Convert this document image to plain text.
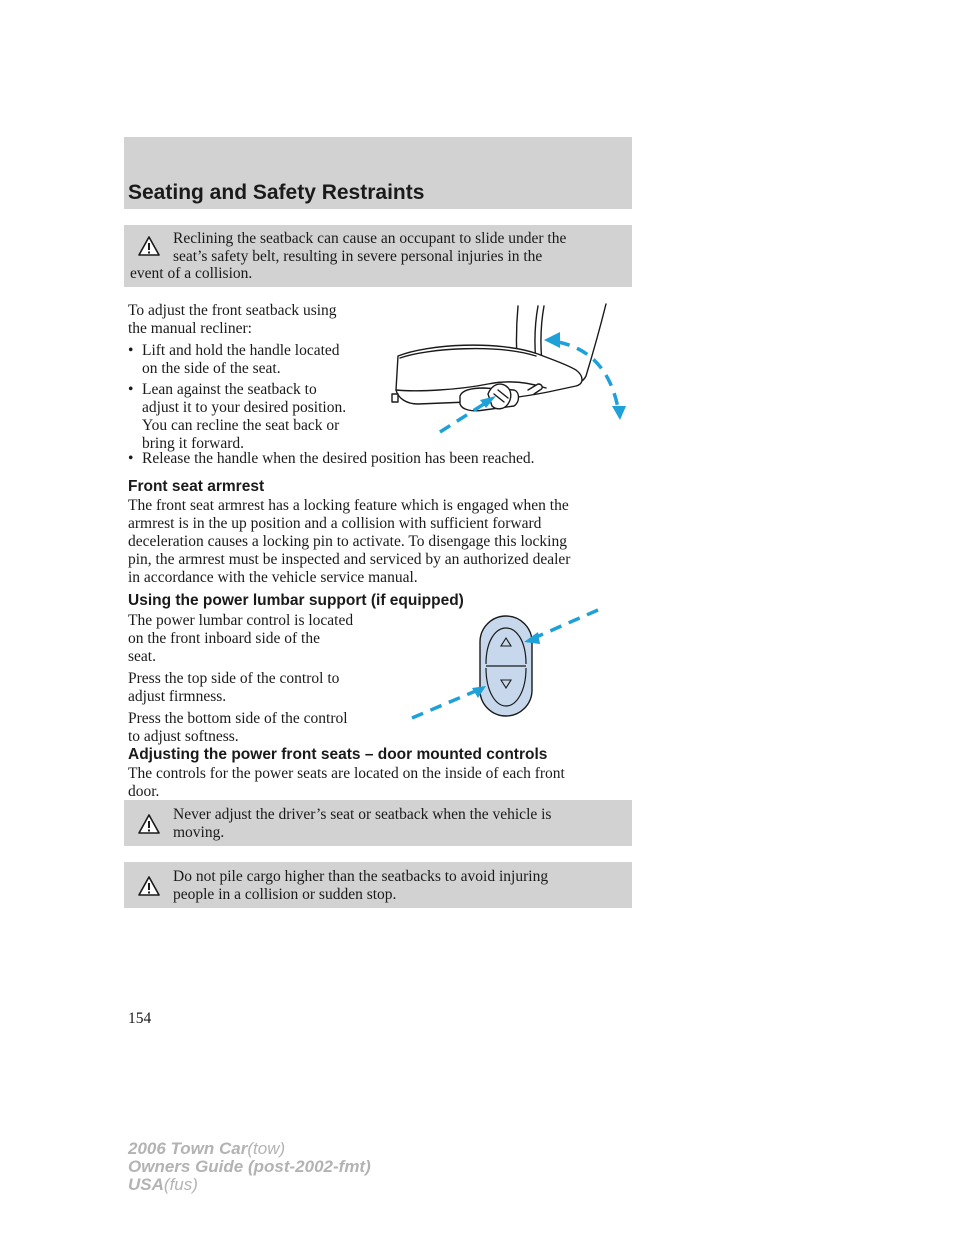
Seating and Safety Restraints
Reclining the seatback can cause an occupant to slide under the
seat’s safety belt, resulting in severe personal injuries in the
event of a collision.
To adjust the front seatback using
the manual recliner:
• Lift and hold the handle located
on the side of the seat.
• Lean against the seatback to
adjust it to your desired position.
You can recline the seat back or
bring it forward.
• Release the handle when the desired position has been reached.
Front seat armrest
The front seat armrest has a locking feature which is engaged when the
armrest is in the up position and a collision with sufficient forward
deceleration causes a locking pin to activate. To disengage this locking
pin, the armrest must be inspected and serviced by an authorized dealer
in accordance with the vehicle service manual.
Using the power lumbar support (if equipped)
The power lumbar control is located
on the front inboard side of the
seat.
Press the top side of the control to
adjust firmness.
Press the bottom side of the control
to adjust softness.
Adjusting the power front seats – door mounted controls
The controls for the power seats are located on the inside of each front
door.
Never adjust the driver’s seat or seatback when the vehicle is
moving.
Do not pile cargo higher than the seatbacks to avoid injuring
people in a collision or sudden stop.
154
2006 Town Car(tow)
Owners Guide (post-2002-fmt)
USA(fus)
